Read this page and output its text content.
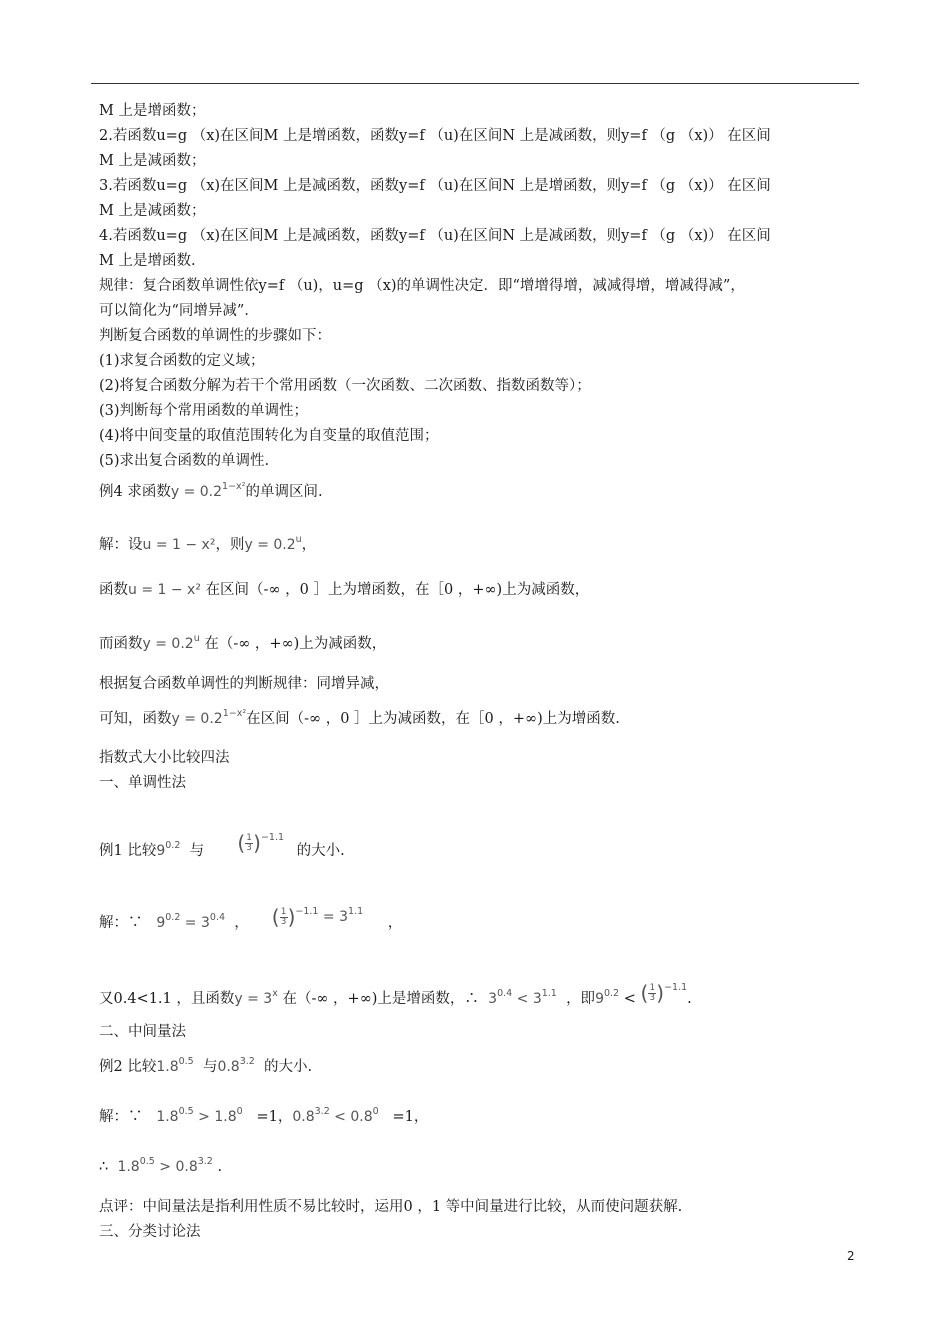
M 上是增函数；
2.若函数u=g （x)在区间M 上是增函数，函数y=f （u)在区间N 上是减函数，则y=f （g （x)） 在区间
M 上是减函数；
3.若函数u=g （x)在区间M 上是减函数，函数y=f （u)在区间N 上是增函数，则y=f （g （x)） 在区间
M 上是减函数；
4.若函数u=g （x)在区间M 上是减函数，函数y=f （u)在区间N 上是减函数，则y=f （g （x)） 在区间
M 上是增函数.
规律：复合函数单调性依y=f （u)，u=g （x)的单调性决定．即“增增得增，减减得增，增减得减”，
可以简化为“同增异减”．
判断复合函数的单调性的步骤如下：
(1)求复合函数的定义域；
(2)将复合函数分解为若干个常用函数（一次函数、二次函数、指数函数等）；
(3)判断每个常用函数的单调性；
(4)将中间变量的取值范围转化为自变量的取值范围；
(5)求出复合函数的单调性.
例4 求函数$y = 0.2^{1-x^2}$的单调区间.
解：设u = 1 − x²，则$y = 0.2^u$，
函数u = 1 − x² 在区间（-∞ ，0 ］上为增函数，在［0 ，+∞)上为减函数，
而函数$y = 0.2^u$ 在（-∞ ，+∞)上为减函数，
根据复合函数单调性的判断规律：同增异减，
可知，函数$y = 0.2^{1-x^2}$在区间（-∞ ，0 ］上为减函数，在［0 ，+∞)上为增函数.
指数式大小比较四法
一、单调性法
例1 比较$9^{0.2}$ 与 ( $\frac{1}{3} )^{-1.1}$ 的大小.
解：∵ $9^{0.2} = 3^{0.4}$ ， ( $\frac{1}{3} )^{-1.1} = 3^{1.1}$ ，
又0.4<1.1 ，且函数$y = 3^x$ 在（-∞ ，+∞)上是增函数，∴ $3^{0.4} < 3^{1.1}$ ，即$9^{0.2}$ < ( $\frac{1}{3} )^{-1.1}$.
二、中间量法
例2 比较$1.8^{0.5}$ 与$0.8^{3.2}$ 的大小.
解：∵ $1.8^{0.5} > 1.8^0 =1$，$0.8^{3.2} < 0.8^0 =1$，
∴ $1.8^{0.5} > 0.8^{3.2}$ .
点评：中间量法是指利用性质不易比较时，运用0 ，1 等中间量进行比较，从而使问题获解.
三、分类讨论法
2
